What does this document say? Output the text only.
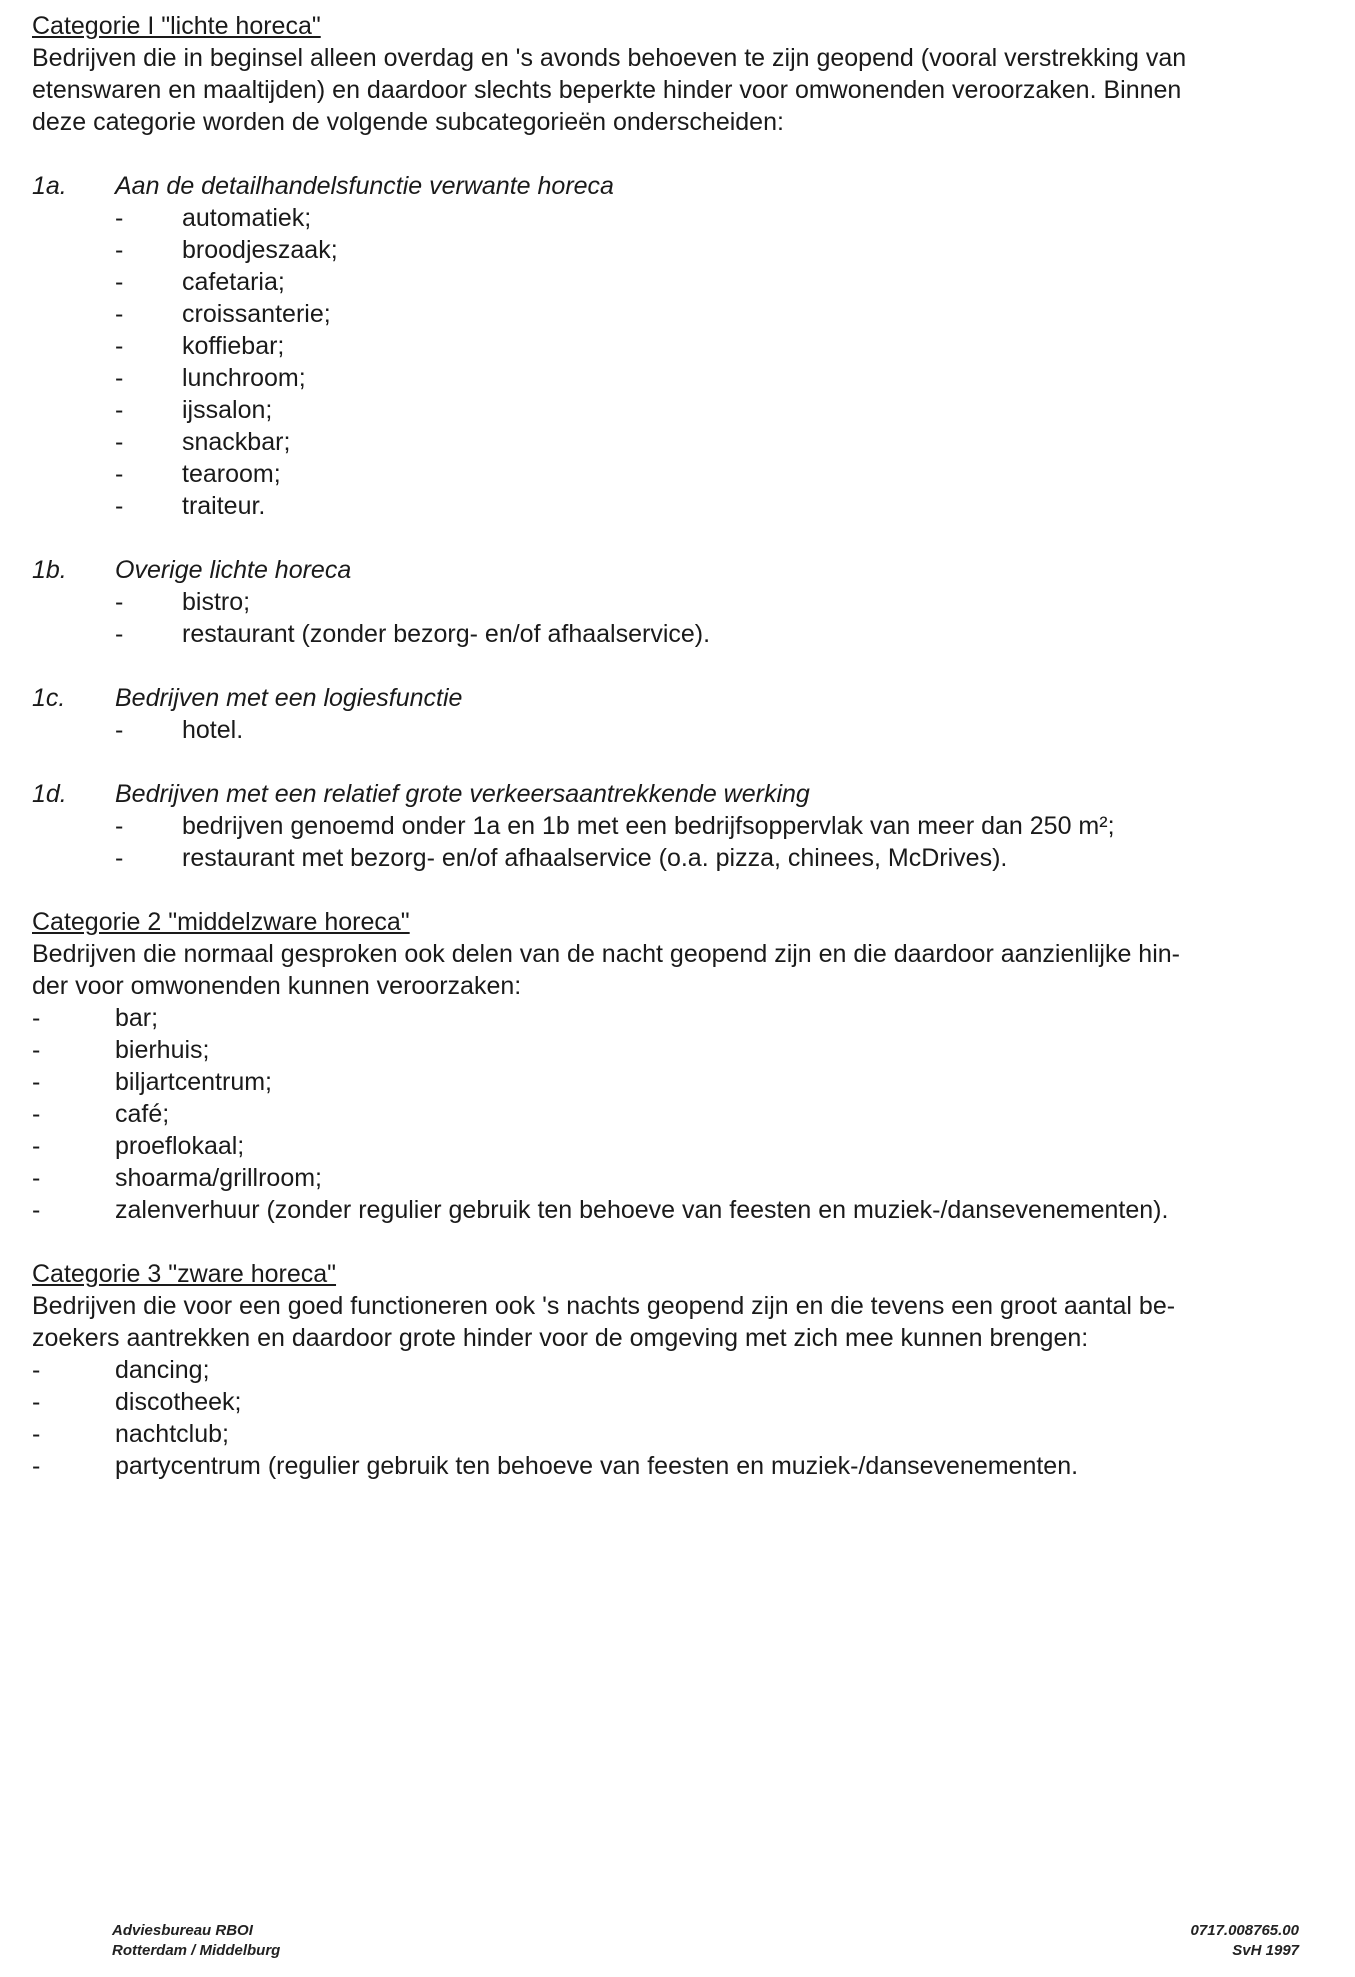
Categorie I "lichte horeca"

Bedrijven die in beginsel alleen overdag en 's avonds behoeven te zijn geopend (vooral verstrekking van

etenswaren en maaltijden) en daardoor slechts beperkte hinder voor omwonenden veroorzaken. Binnen

deze categorie worden de volgende subcategorieën onderscheiden:

1a.	Aan de detailhandelsfunctie verwante horeca
-	automatiek;
-	broodjeszaak;
-	cafetaria;
-	croissanterie;
-	koffiebar;
-	lunchroom;
-	ijssalon;
-	snackbar;
-	tearoom;
-	traiteur.
1b.	Overige lichte horeca
-	bistro;
-	restaurant (zonder bezorg- en/of afhaalservice).
1c.	Bedrijven met een logiesfunctie
-	hotel.
1d.	Bedrijven met een relatief grote verkeersaantrekkende werking
-	bedrijven genoemd onder 1a en 1b met een bedrijfsoppervlak van meer dan 250 m²;
-	restaurant met bezorg- en/of afhaalservice (o.a. pizza, chinees, McDrives).

Categorie 2 "middelzware horeca"

Bedrijven die normaal gesproken ook delen van de nacht geopend zijn en die daardoor aanzienlijke hin-

der voor omwonenden kunnen veroorzaken:

-	bar;
-	bierhuis;
-	biljartcentrum;
-	café;
-	proeflokaal;
-	shoarma/grillroom;
-	zalenverhuur (zonder regulier gebruik ten behoeve van feesten en muziek-/dansevenementen).

Categorie 3 "zware horeca"

Bedrijven die voor een goed functioneren ook 's nachts geopend zijn en die tevens een groot aantal be-

zoekers aantrekken en daardoor grote hinder voor de omgeving met zich mee kunnen brengen:

-	dancing;
-	discotheek;
-	nachtclub;
-	partycentrum (regulier gebruik ten behoeve van feesten en muziek-/dansevenementen.
Adviesbureau RBOI
Rotterdam / Middelburg
0717.008765.00
SvH 1997
